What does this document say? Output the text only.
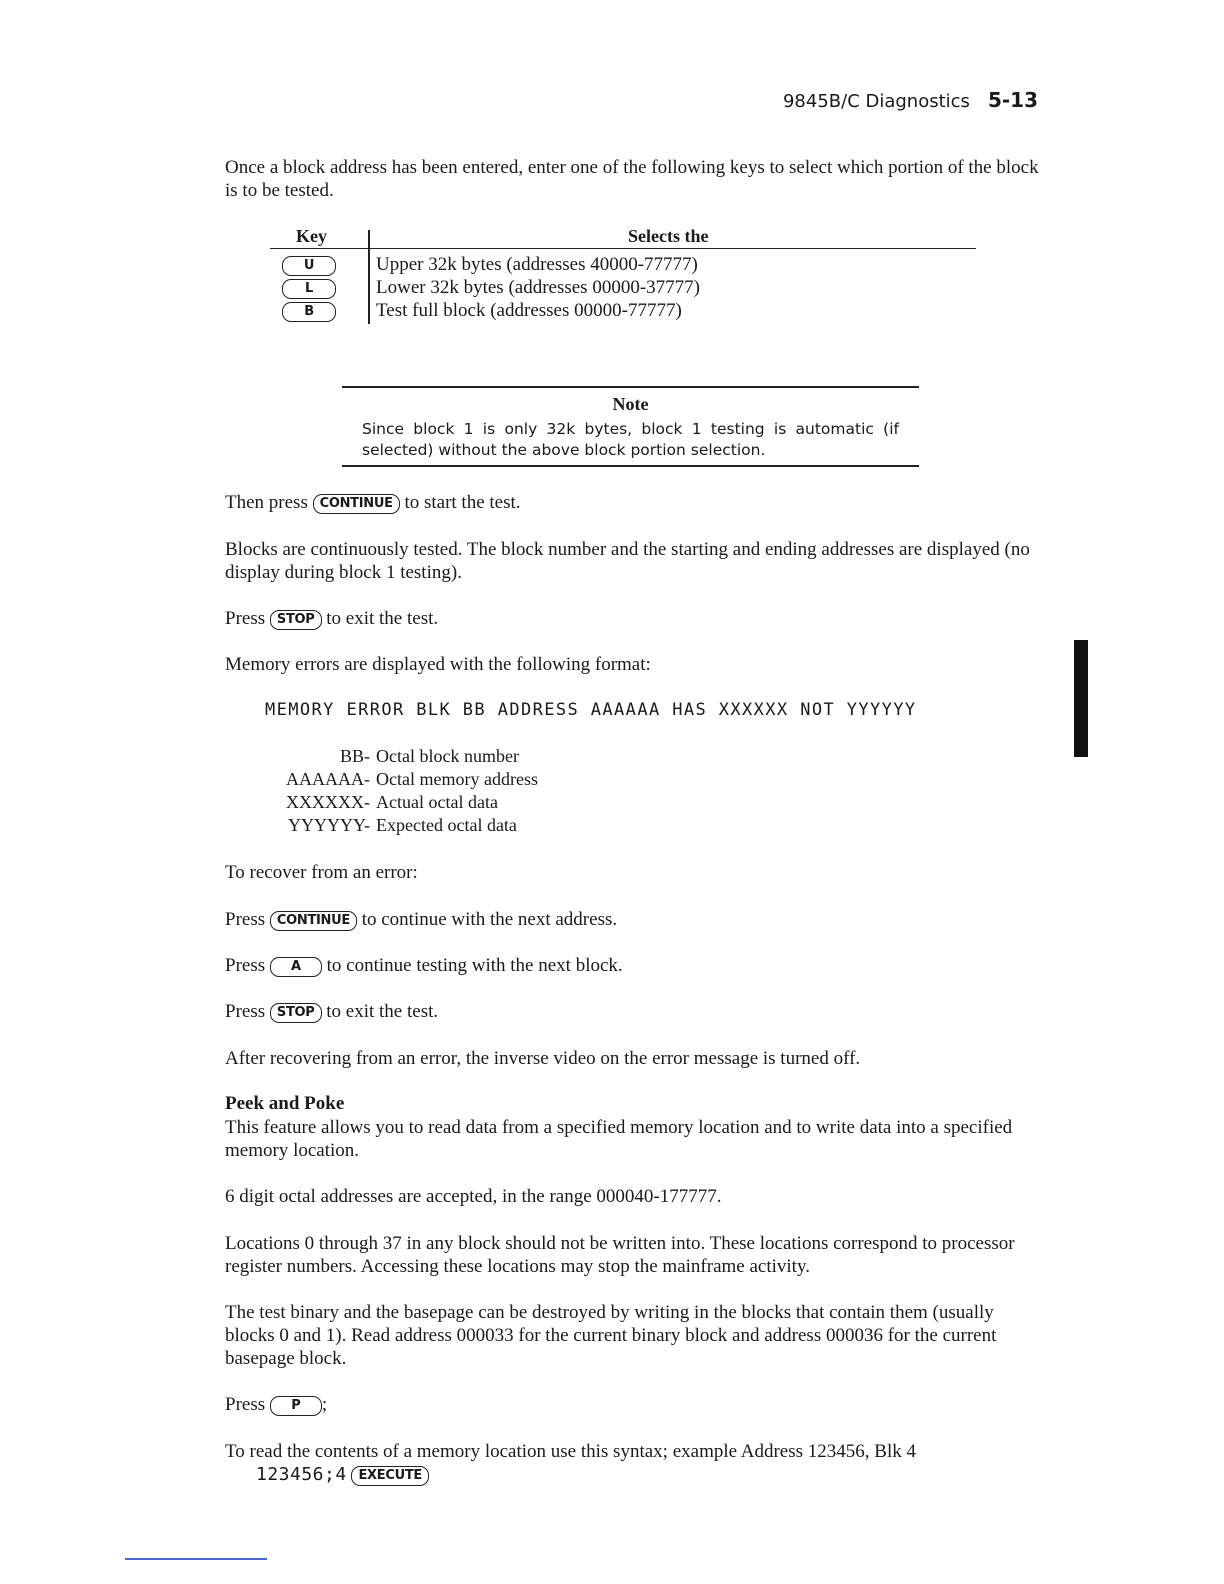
9845B/C Diagnostics 5-13
Once a block address has been entered, enter one of the following keys to select which portion of the block is to be tested.
Key	Selects the
U	Upper 32k bytes (addresses 40000-77777)
L	Lower 32k bytes (addresses 00000-37777)
B	Test full block (addresses 00000-77777)
Note
Since block 1 is only 32k bytes, block 1 testing is automatic (if selected) without the above block portion selection.
Then press CONTINUE to start the test.
Blocks are continuously tested. The block number and the starting and ending addresses are displayed (no display during block 1 testing).
Press STOP to exit the test.
Memory errors are displayed with the following format:
MEMORY ERROR BLK BB ADDRESS AAAAAA HAS XXXXXX NOT YYYYYY
BB- Octal block number
AAAAAA- Octal memory address
XXXXXX- Actual octal data
YYYYYY- Expected octal data
To recover from an error:
Press CONTINUE to continue with the next address.
Press A to continue testing with the next block.
Press STOP to exit the test.
After recovering from an error, the inverse video on the error message is turned off.
Peek and Poke
This feature allows you to read data from a specified memory location and to write data into a specified memory location.
6 digit octal addresses are accepted, in the range 000040-177777.
Locations 0 through 37 in any block should not be written into. These locations correspond to processor register numbers. Accessing these locations may stop the mainframe activity.
The test binary and the basepage can be destroyed by writing in the blocks that contain them (usually blocks 0 and 1). Read address 000033 for the current binary block and address 000036 for the current basepage block.
Press P ;
To read the contents of a memory location use this syntax; example Address 123456, Blk 4
123456;4 EXECUTE
